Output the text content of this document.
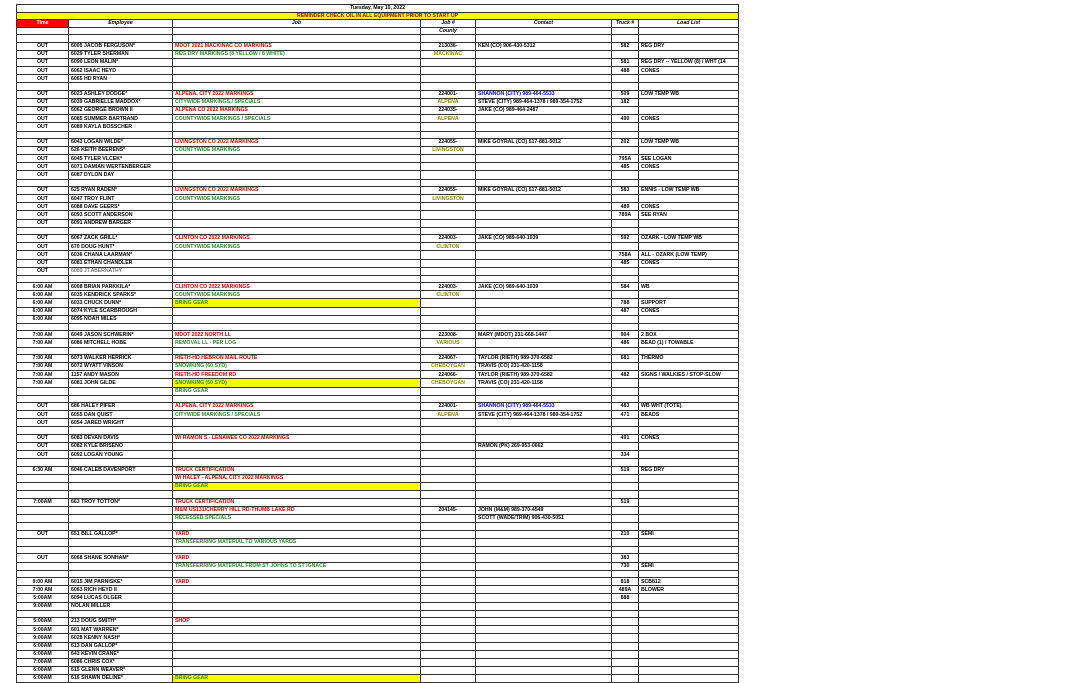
Tuesday, May 10, 2022						
REMINDER CHECK OIL IN ALL EQUIPMENT PRIOR TO START UP						
Time	Employee	Job	Job #	Contact	Truck #	Load List
			County			

OUT	6005 JACOB FERGUSON*	MDOT 2021 MACKINAC CO MARKINGS	213036-	KEN (CO) 906-430-5312	582	REG DRY
OUT	6029 TYLER SHERMAN	REG DRY MARKINGS (8 YELLOW / 8 WHITE)	MACKINAC			
OUT	6090 LEON MALIN*				581	REG DRY -- YELLOW (8) / WHT (14
OUT	6062 ISAAC HEYD				488	CONES
OUT	6065 HD RYAN					

OUT	6023 ASHLEY DODGE*	ALPENA, CITY 2022 MARKINGS	224001-	SHANNON (CITY) 989-464-5533	509	LOW TEMP WB
OUT	6039 GABRIELLE MADDOX*	CITYWIDE MARKINGS / SPECIALS	ALPENA	STEVE (CITY) 989-464-1378 / 989-354-1752	182	
OUT	6062 GEORGE BROWN II	ALPENA CO 2022 MARKINGS	224035-	JAKE (CO) 989-464-2487		
OUT	6085 SUMMER BARTRAND	COUNTYWIDE MARKINGS / SPECIALS	ALPENA		490	CONES
OUT	6089 KAYLA BOSSCHER					

OUT	6043 LOGAN WILDE*	LIVINGSTON CO 2022 MARKINGS	224055-	MIKE GOYRAL (CO) 517-881-5012	202	LOW TEMP WB
OUT	626 KEITH BEERENS*	COUNTYWIDE MARKINGS	LIVINGSTON			
OUT	6045 TYLER VLCEK*				795A	SEE LOGAN
OUT	6071 DAMIAN WERTENBERGER				485	CONES
OUT	6087 DYLON DAY					

OUT	625 RYAN RADEN*	LIVINGSTON CO 2022 MARKINGS	224055-	MIKE GOYRAL (CO) 517-881-5012	583	ENNIS - LOW TEMP WB
OUT	6047 TROY FLINT	COUNTYWIDE MARKINGS	LIVINGSTON			
OUT	6088 DAVE GEERS*				489	CONES
OUT	6093 SCOTT ANDERSON				789A	SEE RYAN
OUT	6091 ANDREW BARGER					

OUT	6067 ZACK GRILL*	CLINTON CO 2022 MARKINGS	224003-	JAKE (CO) 989-640-1039	592	OZARK - LOW TEMP WB
OUT	670 DOUG HUNT*	COUNTYWIDE MARKINGS	CLINTON			
OUT	6036 CHANA LAARMAN*				758A	ALL - OZARK (LOW TEMP)
OUT	6081 ETHAN CHANDLER				485	CONES
OUT	6089 JT ABERNATHY					

6:00 AM	6008 BRIAN PARKKILA*	CLINTON CO 2022 MARKINGS	224003-	JAKE (CO) 989-640-1039	584	WB
6:00 AM	6035 KENDRICK SPARKS*	COUNTYWIDE MARKINGS	CLINTON			
6:00 AM	6033 CHUCK DUNN*	BRING GEAR			788	SUPPORT
6:00 AM	6074 KYLE SCARBROUGH				487	CONES
6:00 AM	6095 NOAH MILES					

7:00 AM	6049 JASON SCHWERIN*	MDOT 2022 NORTH LL	223008-	MARY (MDOT) 231-668-1447	904	2 BOX
7:00 AM	6086 MITCHELL HOBE	REMOVAL LL - PER LOG	VARIOUS		486	BEAD (1) / TOWABLE

7:00 AM	6073 WALKER HERRICK	RIETH-HD HEBRON MAIL ROUTE	224067-	TAYLOR (RIETH) 989-370-6582	681	THERMO
7:00 AM	6072 WYATT VINSON	SNOWKING (60 SYD)	CHEBOYGAN	TRAVIS (CO) 231-420-1158		
7:00 AM	1157 ANDY MASON	RIETH-HD FREEDOM RD	224066-	TAYLOR (RIETH) 989-370-6582	482	SIGNS / WALKIES / STOP-SLOW
7:00 AM	6081 JOHN GILDE	SNOWKING (60 SYD)	CHEBOYGAN	TRAVIS (CO) 231-420-1158		
		BRING GEAR				

OUT	686 HALEY PIFER	ALPENA, CITY 2022 MARKINGS	224001-	SHANNON (CITY) 989-464-5533	483	WB WHT (TOTE)
OUT	6055 DAN QUIST	CITYWIDE MARKINGS / SPECIALS	ALPENA	STEVE (CITY) 989-464-1378 / 989-354-1752	471	BEADS
OUT	6054 JARED WRIGHT					

OUT	6083 DEVAN DAVIS	W/ RAMON S - LENAWEE CO 2022 MARKINGS			491	CONES
OUT	6082 KYLE BRISENO			RAMON (PK) 269-953-0662		
OUT	6092 LOGAN YOUNG				334	

6:30 AM	6046 CALEB DAVENPORT	TRUCK CERTIFICATION			519	REG DRY
		W/ HALEY - ALPENA, CITY 2022 MARKINGS				
		BRING GEAR				

7:00AM	663 TROY TOTTON*	TRUCK CERTIFICATION			519	
		M&M US131/CHERRY HILL RD-THUMB LAKE RD	204145-	JOHN (M&M) 989-370-4549		
		RECESSED SPECIALS		SCOTT (WADE/TRIM) 906-430-5051		

OUT	651 BILL GALLOP*	YARD			210	SEMI
		TRANSFERRING MATERIAL TO VARIOUS YARDS				

OUT	6068 SHANE SONHAM*	YARD			383	
		TRANSFERRING MATERIAL FROM ST JOHNS TO ST IGNACE			730	SEMI

9:00 AM	6015 JIM PARNISKE*	YARD			818	SCB812
7:00 AM	6063 RICH HEYD II				489A	BLOWER
5:00AM	6094 LUCAS OLGER				888	
9:00AM	NOLAN MILLER					

5:00AM	213 DOUG SMITH*	SHOP				
5:00AM	601 MAT WARREN*					
9:00AM	6028 KENNY NASH*					
6:00AM	613 DAN GALLOP*					
6:00AM	643 KEVIN CRANE*					
7:00AM	6086 CHRIS COX*					
6:00AM	615 GLENN WEAVER*					
6:00AM	616 SHAWN DELINE*	BRING GEAR				
